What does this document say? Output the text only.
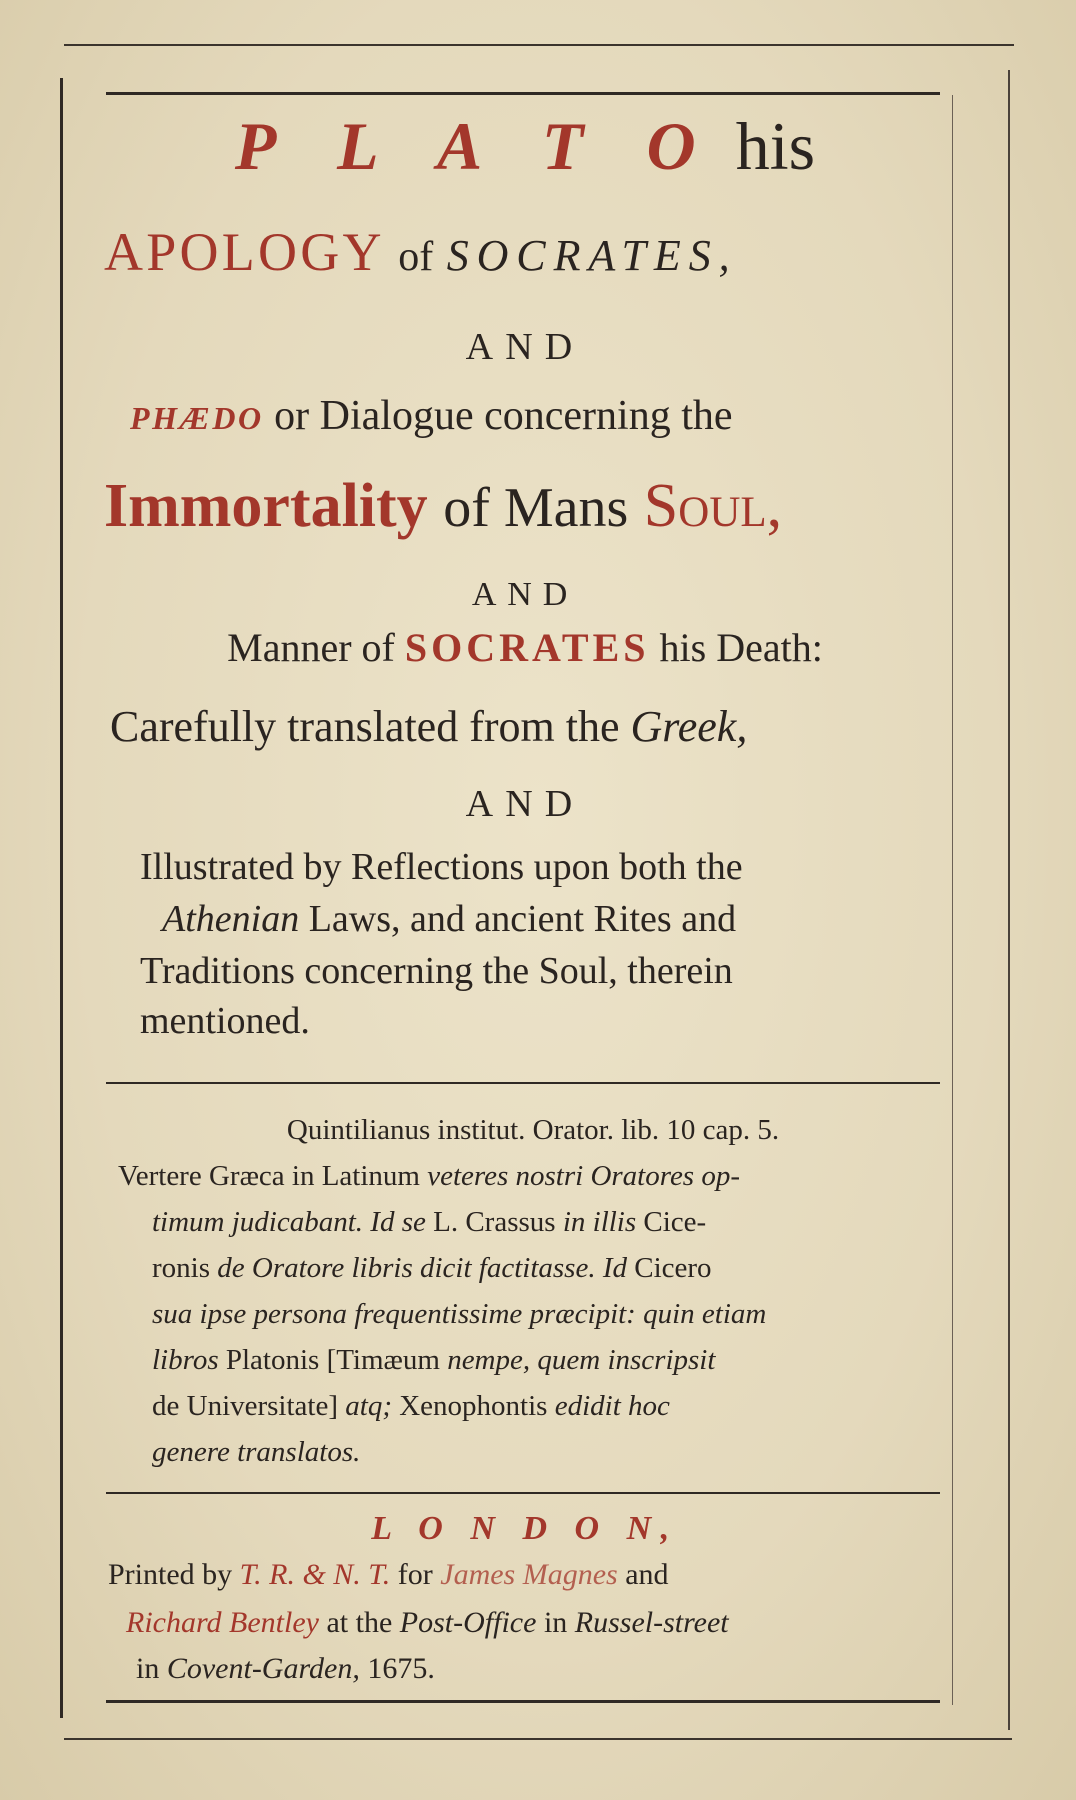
P L A T O his
APOLOGY of SOCRATES,
AND
PHÆDO or Dialogue concerning the
Immortality of Mans Soul,
AND
Manner of SOCRATES his Death:
Carefully translated from the Greek,
AND
Illustrated by Reflections upon both the
Athenian Laws, and ancient Rites and
Traditions concerning the Soul, therein
mentioned.
Quintilianus institut. Orator. lib. 10 cap. 5.
Vertere Græca in Latinum veteres nostri Oratores op-
timum judicabant. Id se L. Crassus in illis Cice-
ronis de Oratore libris dicit factitasse. Id Cicero
sua ipse persona frequentissime præcipit: quin etiam
libros Platonis [Timæum nempe, quem inscripsit
de Universitate] atq; Xenophontis edidit hoc
genere translatos.
L O N D O N,
Printed by T. R. & N. T. for James Magnes and
Richard Bentley at the Post-Office in Russel-street
in Covent-Garden, 1675.
